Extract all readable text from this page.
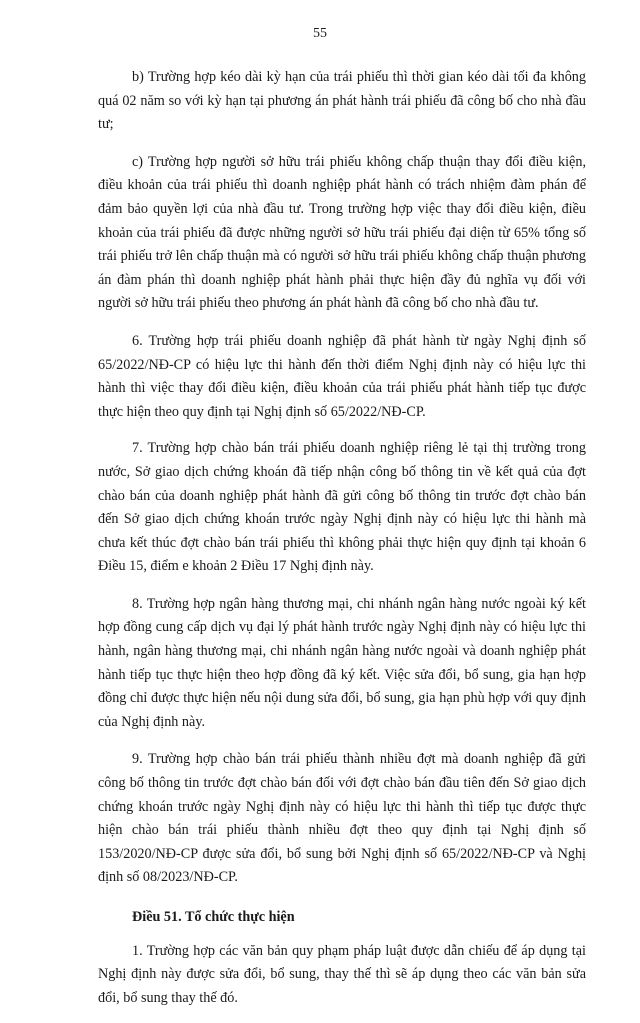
55

b) Trường hợp kéo dài kỳ hạn của trái phiếu thì thời gian kéo dài tối đa không quá 02 năm so với kỳ hạn tại phương án phát hành trái phiếu đã công bố cho nhà đầu tư;

c) Trường hợp người sở hữu trái phiếu không chấp thuận thay đổi điều kiện, điều khoản của trái phiếu thì doanh nghiệp phát hành có trách nhiệm đàm phán để đảm bảo quyền lợi của nhà đầu tư. Trong trường hợp việc thay đổi điều kiện, điều khoản của trái phiếu đã được những người sở hữu trái phiếu đại diện từ 65% tổng số trái phiếu trở lên chấp thuận mà có người sở hữu trái phiếu không chấp thuận phương án đàm phán thì doanh nghiệp phát hành phải thực hiện đầy đủ nghĩa vụ đối với người sở hữu trái phiếu theo phương án phát hành đã công bố cho nhà đầu tư.

6. Trường hợp trái phiếu doanh nghiệp đã phát hành từ ngày Nghị định số 65/2022/NĐ-CP có hiệu lực thi hành đến thời điểm Nghị định này có hiệu lực thi hành thì việc thay đổi điều kiện, điều khoản của trái phiếu phát hành tiếp tục được thực hiện theo quy định tại Nghị định số 65/2022/NĐ-CP.

7. Trường hợp chào bán trái phiếu doanh nghiệp riêng lẻ tại thị trường trong nước, Sở giao dịch chứng khoán đã tiếp nhận công bố thông tin về kết quả của đợt chào bán của doanh nghiệp phát hành đã gửi công bố thông tin trước đợt chào bán đến Sở giao dịch chứng khoán trước ngày Nghị định này có hiệu lực thi hành mà chưa kết thúc đợt chào bán trái phiếu thì không phải thực hiện quy định tại khoản 6 Điều 15, điểm e khoản 2 Điều 17 Nghị định này.

8. Trường hợp ngân hàng thương mại, chi nhánh ngân hàng nước ngoài ký kết hợp đồng cung cấp dịch vụ đại lý phát hành trước ngày Nghị định này có hiệu lực thi hành, ngân hàng thương mại, chi nhánh ngân hàng nước ngoài và doanh nghiệp phát hành tiếp tục thực hiện theo hợp đồng đã ký kết. Việc sửa đổi, bổ sung, gia hạn hợp đồng chỉ được thực hiện nếu nội dung sửa đổi, bổ sung, gia hạn phù hợp với quy định của Nghị định này.

9. Trường hợp chào bán trái phiếu thành nhiều đợt mà doanh nghiệp đã gửi công bố thông tin trước đợt chào bán đối với đợt chào bán đầu tiên đến Sở giao dịch chứng khoán trước ngày Nghị định này có hiệu lực thi hành thì tiếp tục được thực hiện chào bán trái phiếu thành nhiều đợt theo quy định tại Nghị định số 153/2020/NĐ-CP được sửa đổi, bổ sung bởi Nghị định số 65/2022/NĐ-CP và Nghị định số 08/2023/NĐ-CP.

Điều 51. Tổ chức thực hiện

1. Trường hợp các văn bản quy phạm pháp luật được dẫn chiếu để áp dụng tại Nghị định này được sửa đổi, bổ sung, thay thế thì sẽ áp dụng theo các văn bản sửa đổi, bổ sung thay thế đó.
